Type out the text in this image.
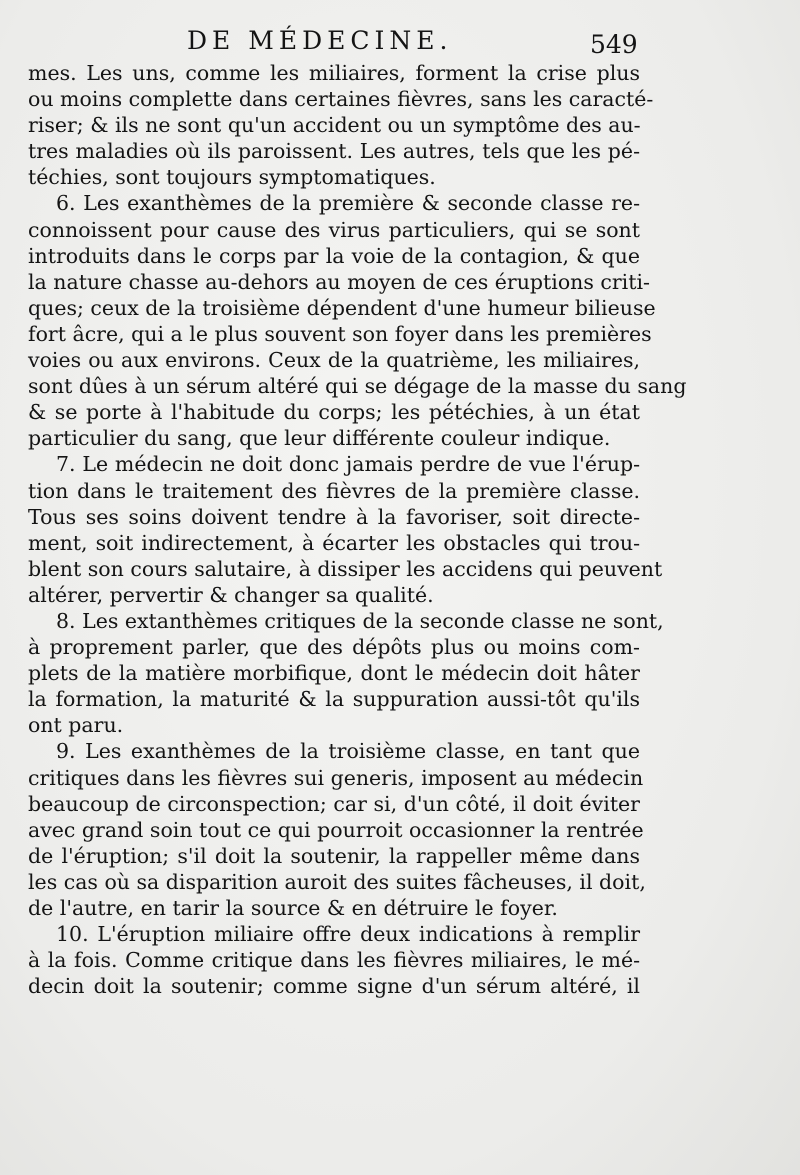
DE MÉDECINE.	549
mes. Les uns, comme les miliaires, forment la crise plus
ou moins complette dans certaines fièvres, sans les caracté-
riser; & ils ne sont qu'un accident ou un symptôme des au-
tres maladies où ils paroissent. Les autres, tels que les pé-
téchies, sont toujours symptomatiques.
6. Les exanthèmes de la première & seconde classe re-
connoissent pour cause des virus particuliers, qui se sont
introduits dans le corps par la voie de la contagion, & que
la nature chasse au-dehors au moyen de ces éruptions criti-
ques; ceux de la troisième dépendent d'une humeur bilieuse
fort âcre, qui a le plus souvent son foyer dans les premières
voies ou aux environs. Ceux de la quatrième, les miliaires,
sont dûes à un sérum altéré qui se dégage de la masse du sang
& se porte à l'habitude du corps; les pétéchies, à un état
particulier du sang, que leur différente couleur indique.
7. Le médecin ne doit donc jamais perdre de vue l'érup-
tion dans le traitement des fièvres de la première classe.
Tous ses soins doivent tendre à la favoriser, soit directe-
ment, soit indirectement, à écarter les obstacles qui trou-
blent son cours salutaire, à dissiper les accidens qui peuvent
altérer, pervertir & changer sa qualité.
8. Les extanthèmes critiques de la seconde classe ne sont,
à proprement parler, que des dépôts plus ou moins com-
plets de la matière morbifique, dont le médecin doit hâter
la formation, la maturité & la suppuration aussi-tôt qu'ils
ont paru.
9. Les exanthèmes de la troisième classe, en tant que
critiques dans les fièvres sui generis, imposent au médecin
beaucoup de circonspection; car si, d'un côté, il doit éviter
avec grand soin tout ce qui pourroit occasionner la rentrée
de l'éruption; s'il doit la soutenir, la rappeller même dans
les cas où sa disparition auroit des suites fâcheuses, il doit,
de l'autre, en tarir la source & en détruire le foyer.
10. L'éruption miliaire offre deux indications à remplir
à la fois. Comme critique dans les fièvres miliaires, le mé-
decin doit la soutenir; comme signe d'un sérum altéré, il
